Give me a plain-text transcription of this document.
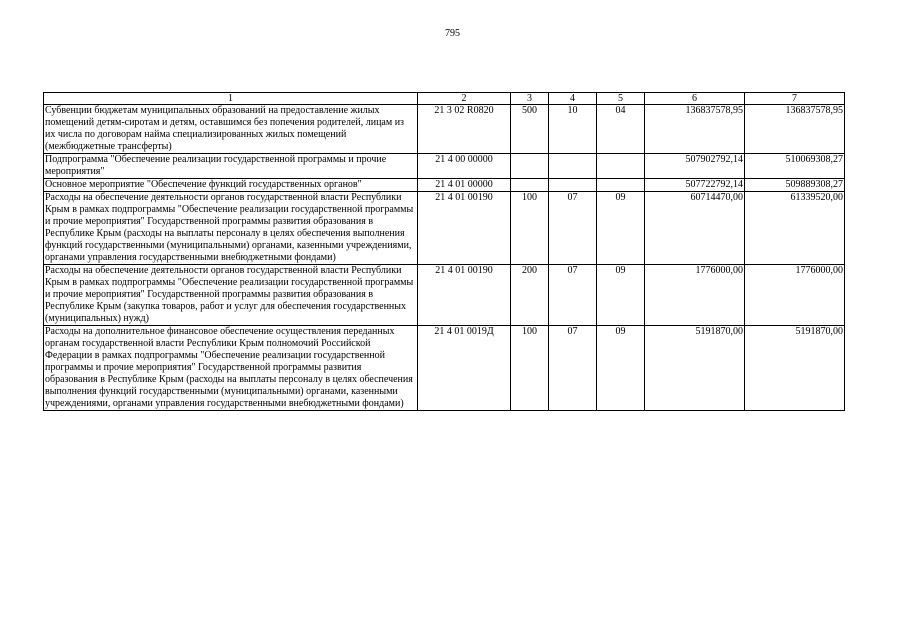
795
1	2	3	4	5	6	7
Субвенции бюджетам муниципальных образований на предоставление жилых помещений детям-сиротам и детям, оставшимся без попечения родителей, лицам из их числа по договорам найма специализированных жилых помещений (межбюджетные трансферты)	21 3 02 R0820	500	10	04	136837578,95	136837578,95
Подпрограмма "Обеспечение реализации государственной программы и прочие мероприятия"	21 4 00 00000				507902792,14	510069308,27
Основное мероприятие "Обеспечение функций государственных органов"	21 4 01 00000				507722792,14	509889308,27
Расходы на обеспечение деятельности органов государственной власти Республики Крым в рамках подпрограммы "Обеспечение реализации государственной программы и прочие мероприятия" Государственной программы развития образования в Республике Крым (расходы на выплаты персоналу в целях обеспечения выполнения функций государственными (муниципальными) органами, казенными учреждениями, органами управления государственными внебюджетными фондами)	21 4 01 00190	100	07	09	60714470,00	61339520,00
Расходы на обеспечение деятельности органов государственной власти Республики Крым в рамках подпрограммы "Обеспечение реализации государственной программы и прочие мероприятия" Государственной программы развития образования в Республике Крым (закупка товаров, работ и услуг для обеспечения государственных (муниципальных) нужд)	21 4 01 00190	200	07	09	1776000,00	1776000,00
Расходы на дополнительное финансовое обеспечение осуществления переданных органам государственной власти Республики Крым полномочий Российской Федерации в рамках подпрограммы "Обеспечение реализации государственной программы и прочие мероприятия" Государственной программы развития образования в Республике Крым (расходы на выплаты персоналу в целях обеспечения выполнения функций государственными (муниципальными) органами, казенными учреждениями, органами управления государственными внебюджетными фондами)	21 4 01 0019Д	100	07	09	5191870,00	5191870,00
